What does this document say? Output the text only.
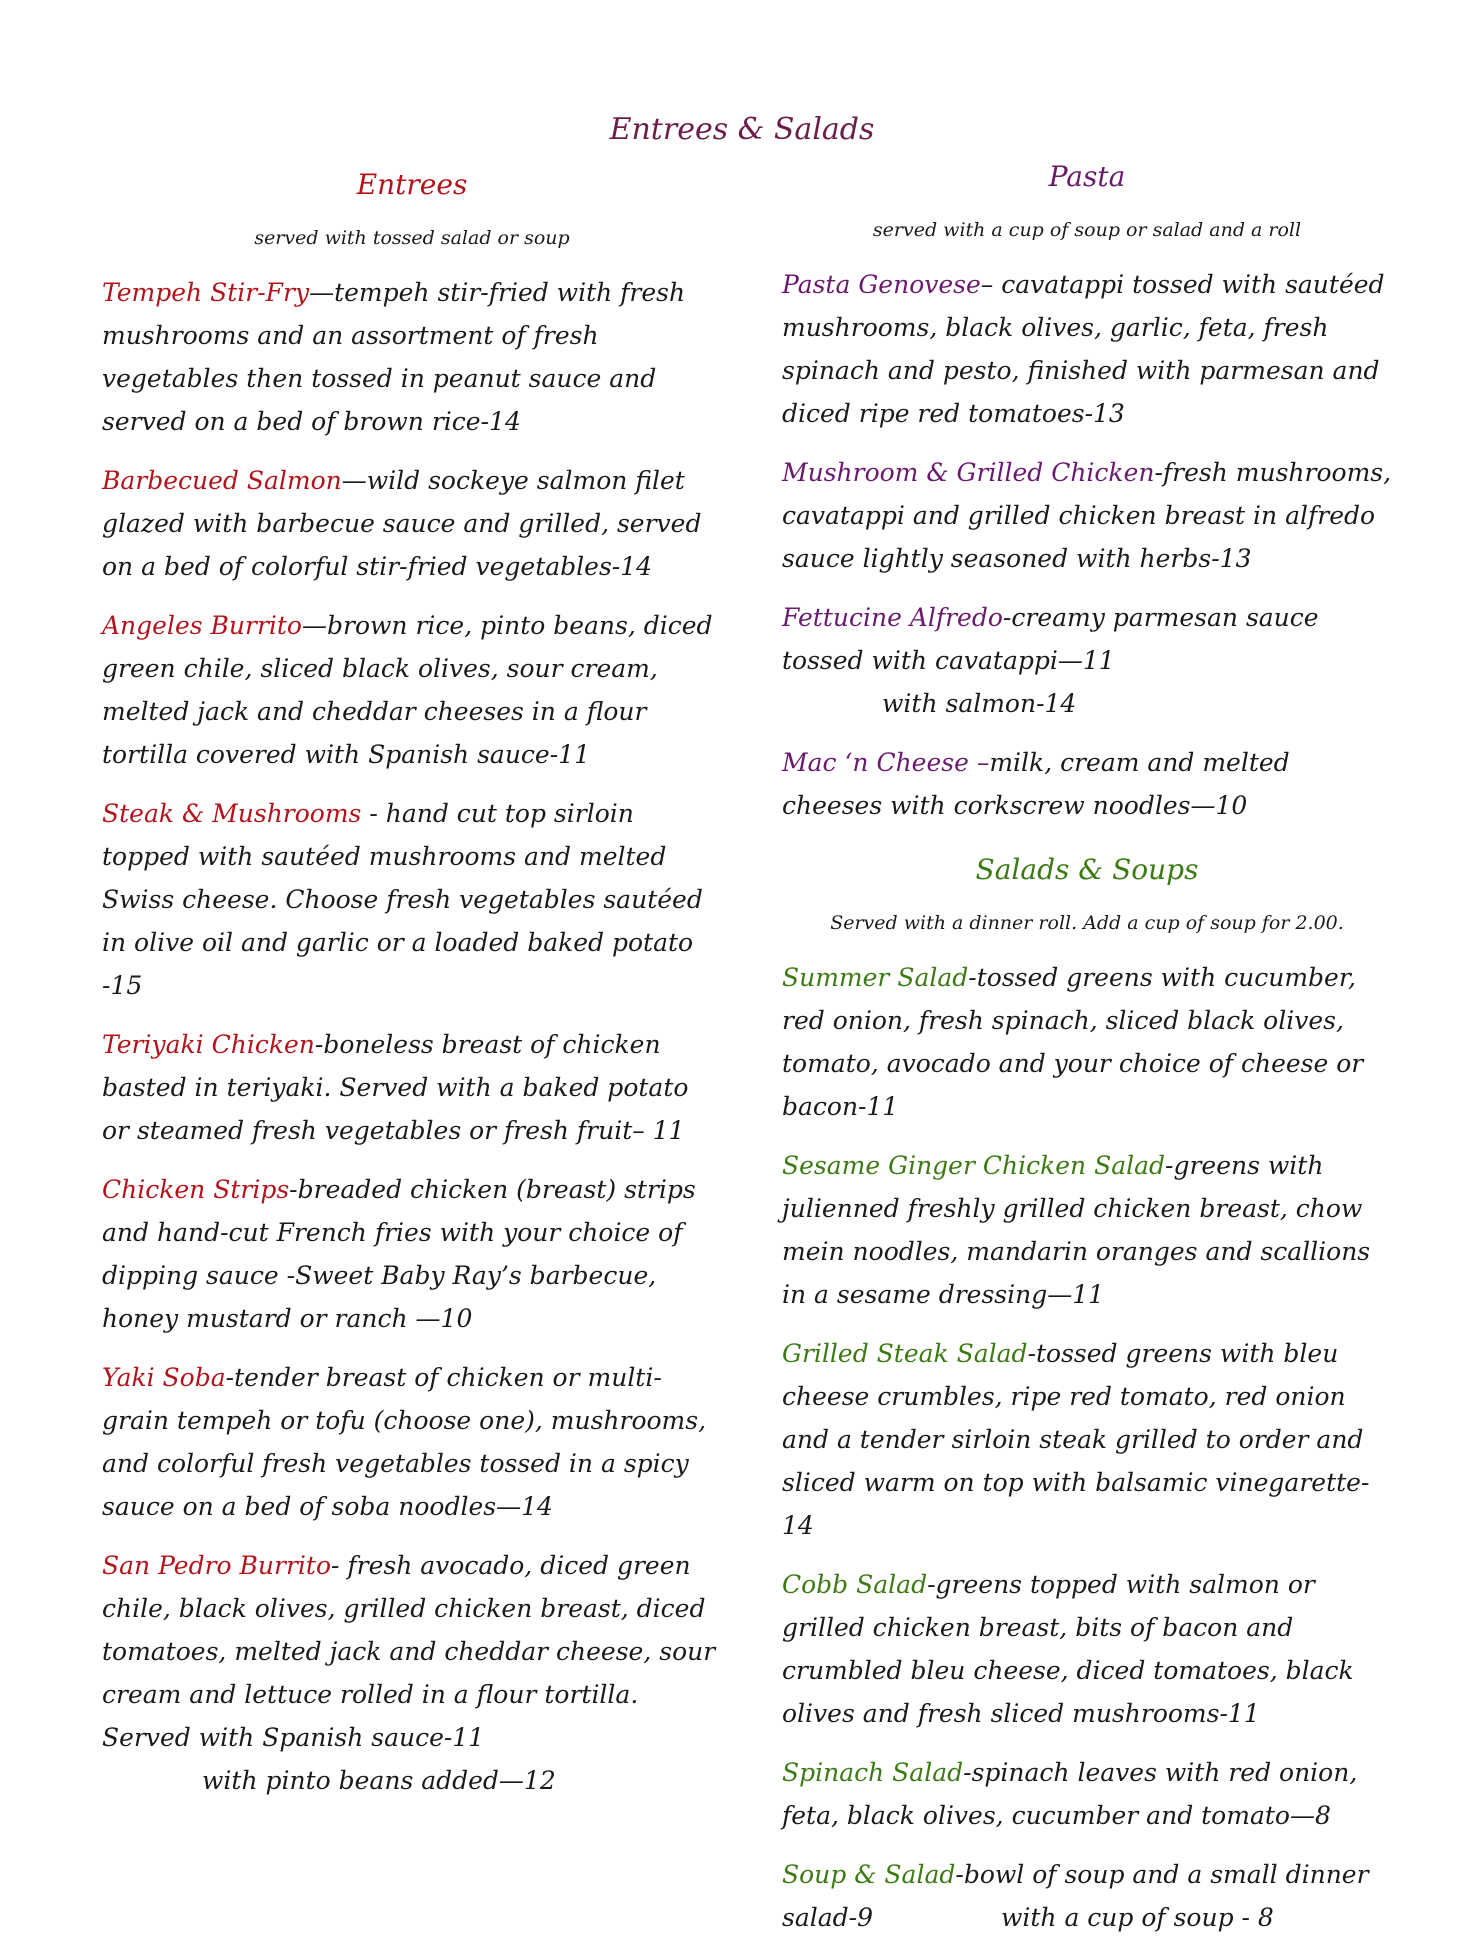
Entrees & Salads
Entrees
served with tossed salad or soup
Tempeh Stir-Fry—tempeh stir-fried with fresh mushrooms and an assortment of fresh vegetables then tossed in peanut sauce and served on a bed of brown rice-14
Barbecued Salmon—wild sockeye salmon filet glazed with barbecue sauce and grilled, served on a bed of colorful stir-fried vegetables-14
Angeles Burrito—brown rice, pinto beans, diced green chile, sliced black olives, sour cream, melted jack and cheddar cheeses in a flour tortilla covered with Spanish sauce-11
Steak & Mushrooms - hand cut top sirloin topped with sautéed mushrooms and melted Swiss cheese. Choose fresh vegetables sautéed in olive oil and garlic or a loaded baked potato -15
Teriyaki Chicken-boneless breast of chicken basted in teriyaki. Served with a baked potato or steamed fresh vegetables or fresh fruit– 11
Chicken Strips-breaded chicken (breast) strips and hand-cut French fries with your choice of dipping sauce -Sweet Baby Ray’s barbecue, honey mustard or ranch —10
Yaki Soba-tender breast of chicken or multi-grain tempeh or tofu (choose one), mushrooms, and colorful fresh vegetables tossed in a spicy sauce on a bed of soba noodles—14
San Pedro Burrito- fresh avocado, diced green chile, black olives, grilled chicken breast, diced tomatoes, melted jack and cheddar cheese, sour cream and lettuce rolled in a flour tortilla. Served with Spanish sauce-11
with pinto beans added—12
Pasta
served with a cup of soup or salad and a roll
Pasta Genovese– cavatappi tossed with sautéed mushrooms, black olives, garlic, feta, fresh spinach and pesto, finished with parmesan and diced ripe red tomatoes-13
Mushroom & Grilled Chicken-fresh mushrooms, cavatappi and grilled chicken breast in alfredo sauce lightly seasoned with herbs-13
Fettucine Alfredo-creamy parmesan sauce tossed with cavatappi—11 with salmon-14
Mac ‘n Cheese –milk, cream and melted cheeses with corkscrew noodles—10
Salads & Soups
Served with a dinner roll. Add a cup of soup for 2.00.
Summer Salad-tossed greens with cucumber, red onion, fresh spinach, sliced black olives, tomato, avocado and your choice of cheese or bacon-11
Sesame Ginger Chicken Salad-greens with julienned freshly grilled chicken breast, chow mein noodles, mandarin oranges and scallions in a sesame dressing—11
Grilled Steak Salad-tossed greens with bleu cheese crumbles, ripe red tomato, red onion and a tender sirloin steak grilled to order and sliced warm on top with balsamic vinegarette-14
Cobb Salad-greens topped with salmon or grilled chicken breast, bits of bacon and crumbled bleu cheese, diced tomatoes, black olives and fresh sliced mushrooms-11
Spinach Salad-spinach leaves with red onion, feta, black olives, cucumber and tomato—8
Soup & Salad-bowl of soup and a small dinner salad-9	with a cup of soup - 8
